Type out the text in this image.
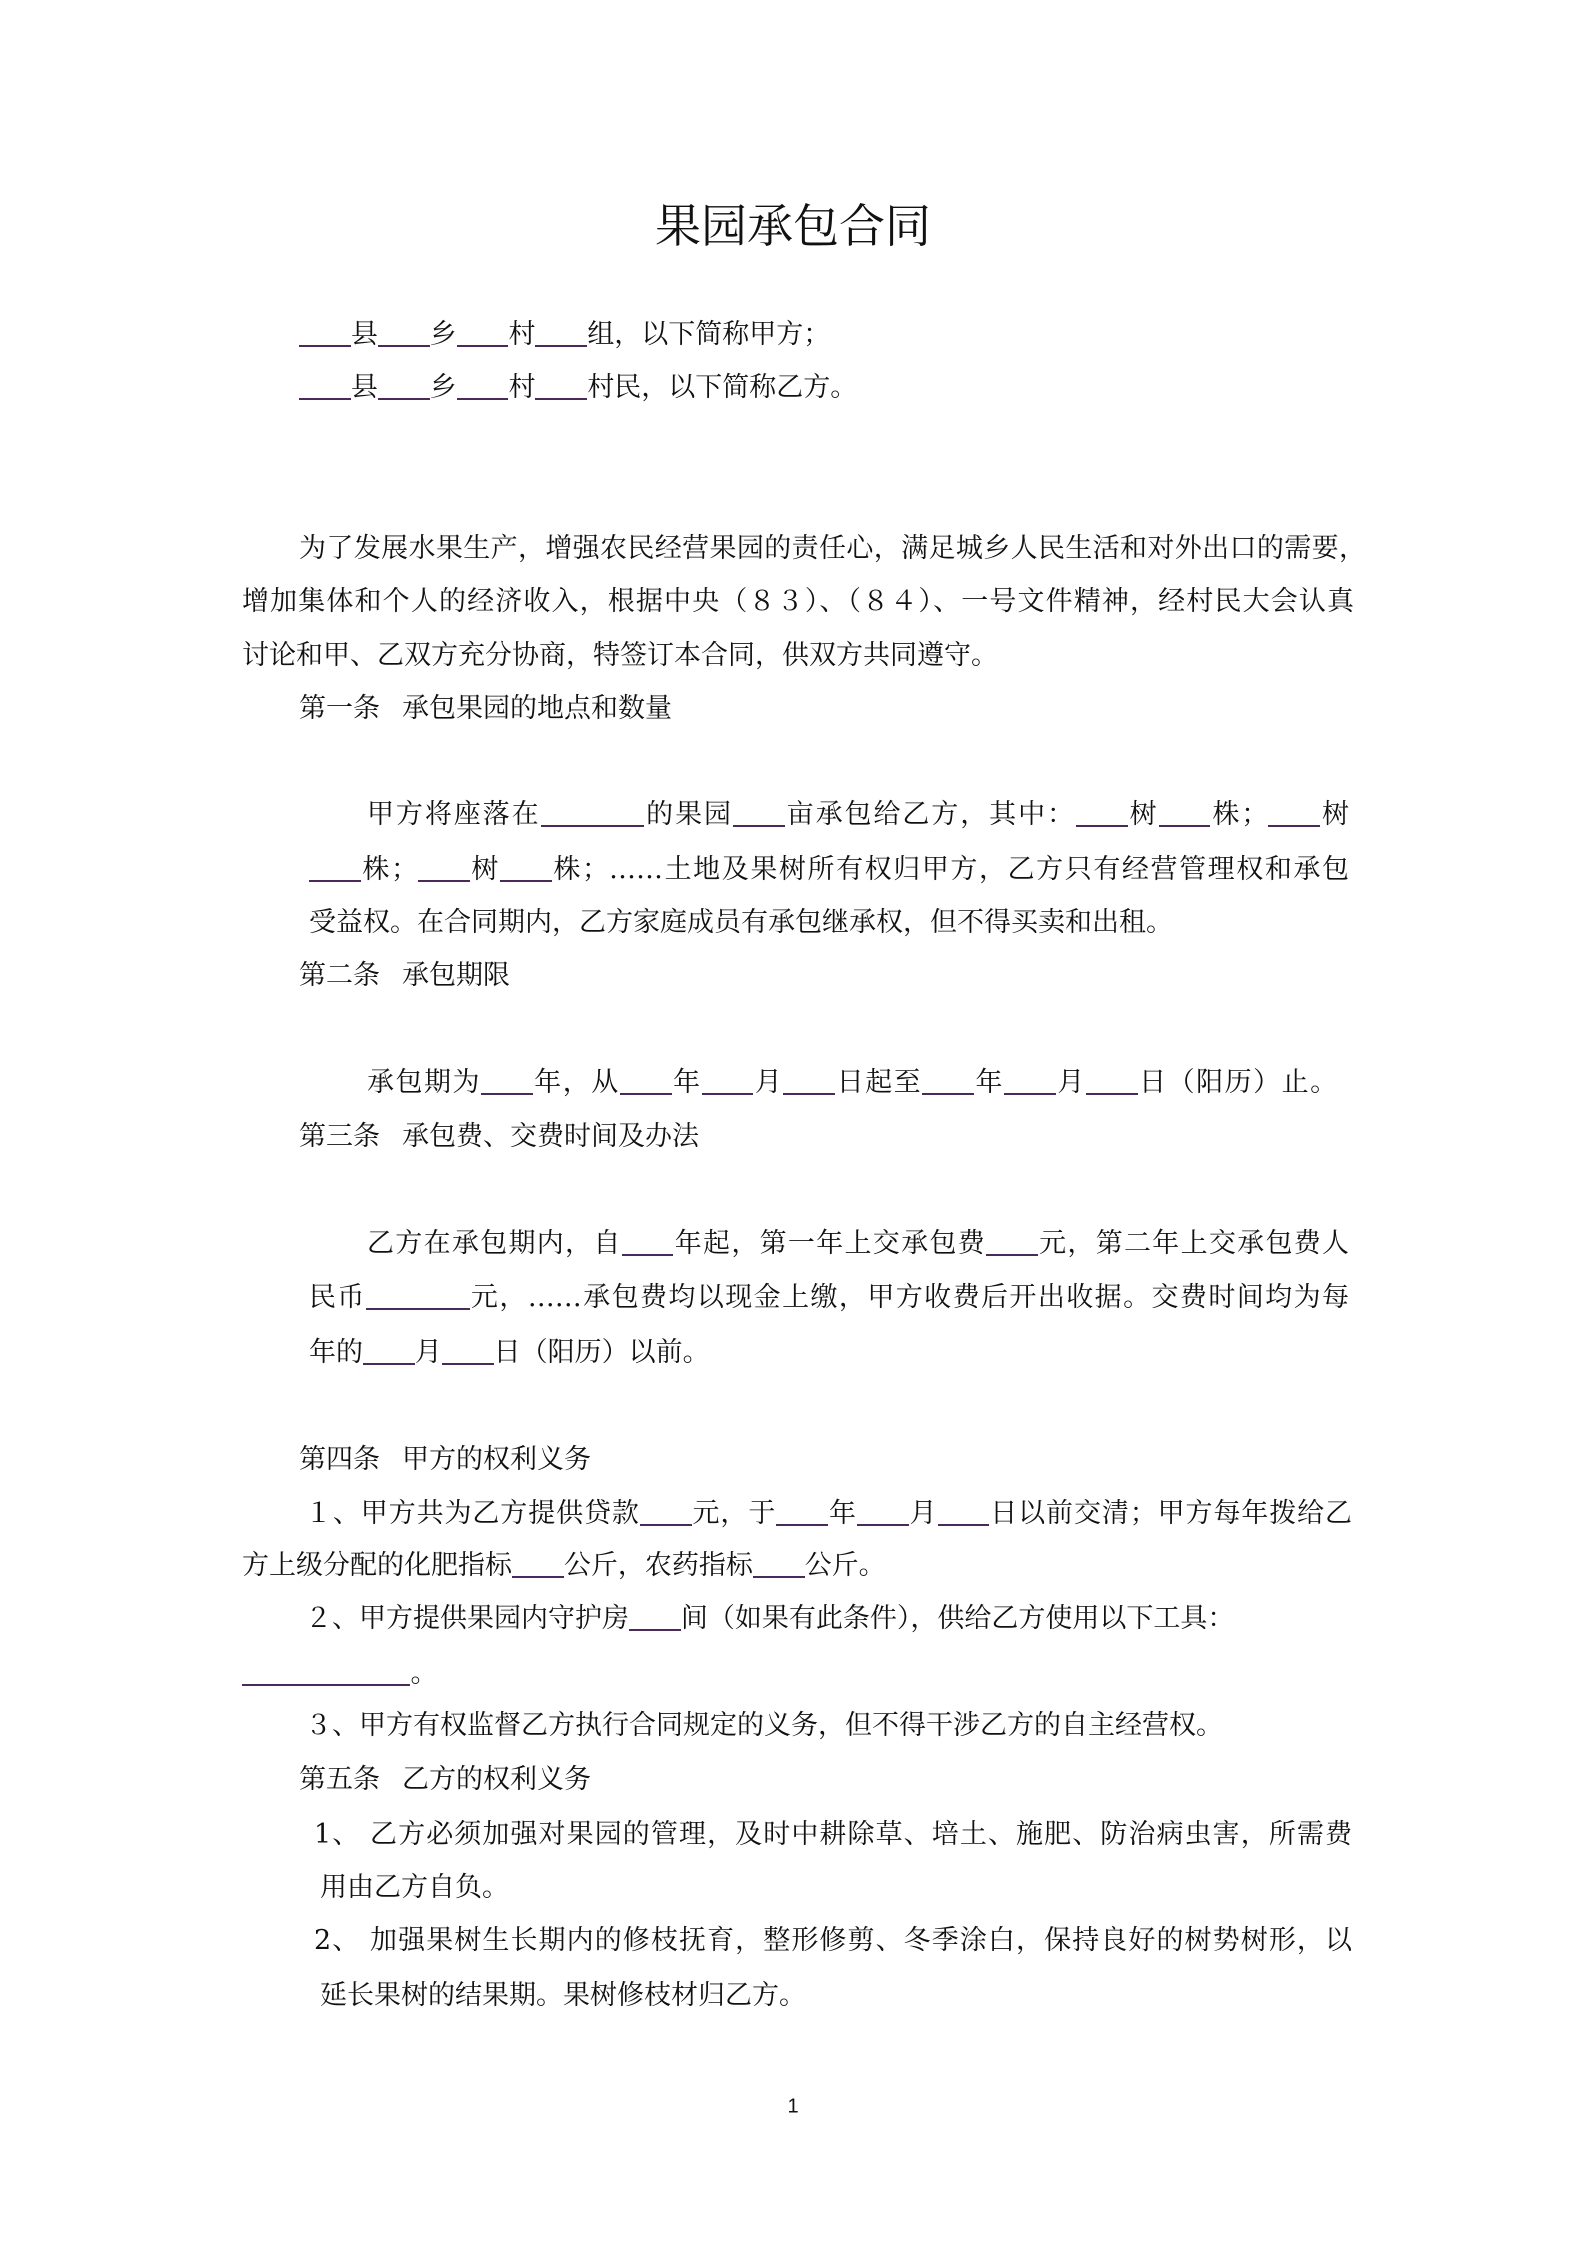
果园承包合同
县 乡 村 组，以下简称甲方；
县 乡 村 村民，以下简称乙方。
为了发展水果生产，增强农民经营果园的责任心，满足城乡人民生活和对外出口的需要，
增加集体和个人的经济收入，根据中央（８３）、（８４）、一号文件精神，经村民大会认真
讨论和甲、乙双方充分协商，特签订本合同，供双方共同遵守。
第一条 承包果园的地点和数量
甲方将座落在	的果园 亩承包给乙方，其中： 树 株； 树
株； 树 株；……土地及果树所有权归甲方，乙方只有经营管理权和承包
受益权。在合同期内，乙方家庭成员有承包继承权，但不得买卖和出租。
第二条 承包期限
承包期为 年，从 年 月 日起至 年 月 日（阳历）止。
第三条 承包费、交费时间及办法
乙方在承包期内，自 年起，第一年上交承包费 元，第二年上交承包费人
民币	元，……承包费均以现金上缴，甲方收费后开出收据。交费时间均为每
年的 月 日（阳历）以前。
第四条 甲方的权利义务
１、甲方共为乙方提供贷款 元，于 年 月 日以前交清；甲方每年拨给乙
方上级分配的化肥指标 公斤，农药指标 公斤。
２、甲方提供果园内守护房 间（如果有此条件），供给乙方使用以下工具：
。
３、甲方有权监督乙方执行合同规定的义务，但不得干涉乙方的自主经营权。
第五条 乙方的权利义务
1、 乙方必须加强对果园的管理，及时中耕除草、培土、施肥、防治病虫害，所需费
用由乙方自负。
2、 加强果树生长期内的修枝抚育，整形修剪、冬季涂白，保持良好的树势树形，以
延长果树的结果期。果树修枝材归乙方。
1
